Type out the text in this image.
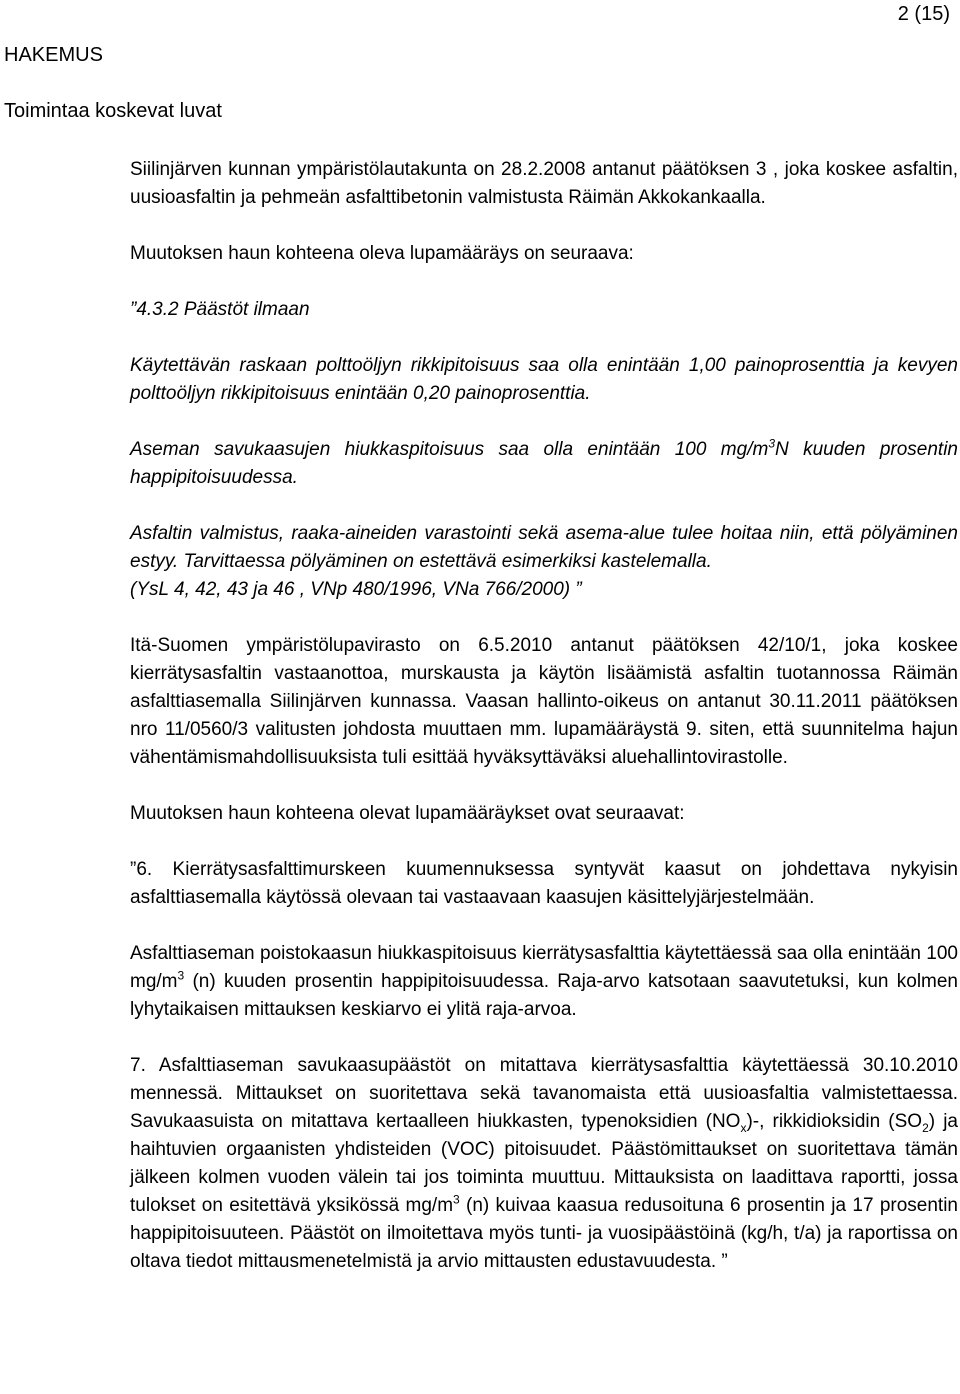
2 (15)
HAKEMUS
Toimintaa koskevat luvat

Siilinjärven kunnan ympäristölautakunta on 28.2.2008 antanut päätöksen 3 , joka koskee asfaltin, uusioasfaltin ja pehmeän asfalttibetonin valmistusta Räimän Akkokankaalla.

Muutoksen haun kohteena oleva lupamääräys on seuraava:

”4.3.2 Päästöt ilmaan

Käytettävän raskaan polttoöljyn rikkipitoisuus saa olla enintään 1,00 painoprosenttia ja kevyen polttoöljyn rikkipitoisuus enintään 0,20 painoprosenttia.

Aseman savukaasujen hiukkaspitoisuus saa olla enintään 100 $mg/m^3N$ kuuden prosentin happipitoisuudessa.

Asfaltin valmistus, raaka-aineiden varastointi sekä asema-alue tulee hoitaa niin, että pölyäminen estyy. Tarvittaessa pölyäminen on estettävä esimerkiksi kastelemalla.

(YsL 4, 42, 43 ja 46 , VNp 480/1996, VNa 766/2000) ”

Itä-Suomen ympäristölupavirasto on 6.5.2010 antanut päätöksen 42/10/1, joka koskee kierrätysasfaltin vastaanottoa, murskausta ja käytön lisäämistä asfaltin tuotannossa Räimän asfalttiasemalla Siilinjärven kunnassa. Vaasan hallinto-oikeus on antanut 30.11.2011 päätöksen nro 11/0560/3 valitusten johdosta muuttaen mm. lupamääräystä 9. siten, että suunnitelma hajun vähentämismahdollisuuksista tuli esittää hyväksyttäväksi aluehallintovirastolle.

Muutoksen haun kohteena olevat lupamääräykset ovat seuraavat:

”6. Kierrätysasfalttimurskeen kuumennuksessa syntyvät kaasut on johdettava nykyisin asfalttiasemalla käytössä olevaan tai vastaavaan kaasujen käsittelyjärjestelmään.

Asfalttiaseman poistokaasun hiukkaspitoisuus kierrätysasfalttia käytettäessä saa olla enintään 100 $mg/m^3$ (n) kuuden prosentin happipitoisuudessa. Raja-arvo katsotaan saavutetuksi, kun kolmen lyhytaikaisen mittauksen keskiarvo ei ylitä raja-arvoa.

7. Asfalttiaseman savukaasupäästöt on mitattava kierrätysasfalttia käytettäessä 30.10.2010 mennessä. Mittaukset on suoritettava sekä tavanomaista että uusioasfaltia valmistettaessa. Savukaasuista on mitattava kertaalleen hiukkasten, typenoksidien $(NO_x)-$, rikkidioksidin $(SO_2)$ ja haihtuvien orgaanisten yhdisteiden (VOC) pitoisuudet. Päästömittaukset on suoritettava tämän jälkeen kolmen vuoden välein tai jos toiminta muuttuu. Mittauksista on laadittava raportti, jossa tulokset on esitettävä yksikössä $mg/m^3$ (n) kuivaa kaasua redusoituna 6 prosentin ja 17 prosentin happipitoisuuteen. Päästöt on ilmoitettava myös tunti- ja vuosipäästöinä (kg/h, t/a) ja raportissa on oltava tiedot mittausmenetelmistä ja arvio mittausten edustavuudesta. ”
